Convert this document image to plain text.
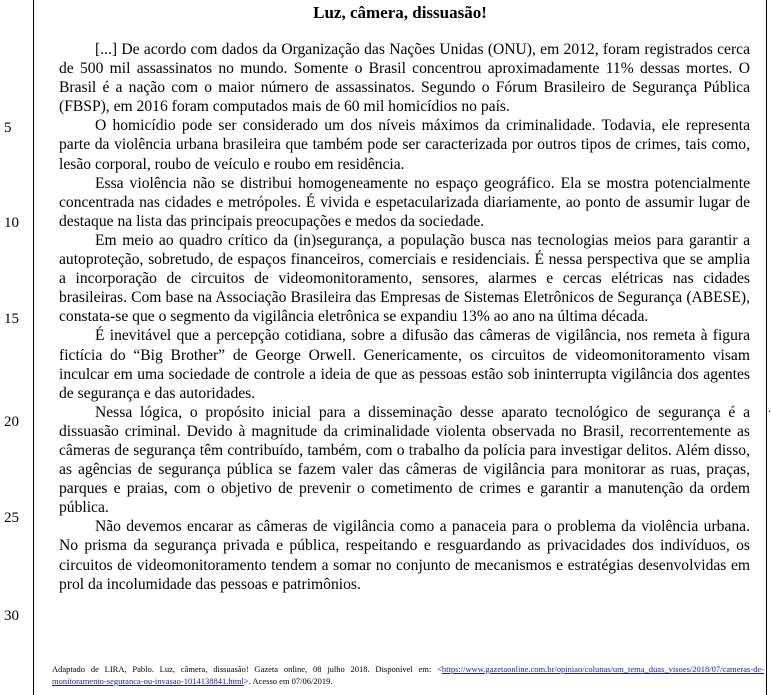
.
Luz, câmera, dissuasão!
5
10
15
20
25
30

[...] De acordo com dados da Organização das Nações Unidas (ONU), em 2012, foram registrados cerca de 500 mil assassinatos no mundo. Somente o Brasil concentrou aproximadamente 11% dessas mortes. O Brasil é a nação com o maior número de assassinatos. Segundo o Fórum Brasileiro de Segurança Pública (FBSP), em 2016 foram computados mais de 60 mil homicídios no país.

O homicídio pode ser considerado um dos níveis máximos da criminalidade. Todavia, ele representa parte da violência urbana brasileira que também pode ser caracterizada por outros tipos de crimes, tais como, lesão corporal, roubo de veículo e roubo em residência.

Essa violência não se distribui homogeneamente no espaço geográfico. Ela se mostra potencialmente concentrada nas cidades e metrópoles. É vivida e espetacularizada diariamente, ao ponto de assumir lugar de destaque na lista das principais preocupações e medos da sociedade.

Em meio ao quadro crítico da (in)segurança, a população busca nas tecnologias meios para garantir a autoproteção, sobretudo, de espaços financeiros, comerciais e residenciais. É nessa perspectiva que se amplia a incorporação de circuitos de videomonitoramento, sensores, alarmes e cercas elétricas nas cidades brasileiras. Com base na Associação Brasileira das Empresas de Sistemas Eletrônicos de Segurança (ABESE), constata-se que o segmento da vigilância eletrônica se expandiu 13% ao ano na última década.

É inevitável que a percepção cotidiana, sobre a difusão das câmeras de vigilância, nos remeta à figura fictícia do “Big Brother” de George Orwell. Genericamente, os circuitos de videomonitoramento visam inculcar em uma sociedade de controle a ideia de que as pessoas estão sob ininterrupta vigilância dos agentes de segurança e das autoridades.

Nessa lógica, o propósito inicial para a disseminação desse aparato tecnológico de segurança é a dissuasão criminal. Devido à magnitude da criminalidade violenta observada no Brasil, recorrentemente as câmeras de segurança têm contribuído, também, com o trabalho da polícia para investigar delitos. Além disso, as agências de segurança pública se fazem valer das câmeras de vigilância para monitorar as ruas, praças, parques e praias, com o objetivo de prevenir o cometimento de crimes e garantir a manutenção da ordem pública.

Não devemos encarar as câmeras de vigilância como a panaceia para o problema da violência urbana. No prisma da segurança privada e pública, respeitando e resguardando as privacidades dos indivíduos, os circuitos de videomonitoramento tendem a somar no conjunto de mecanismos e estratégias desenvolvidas em prol da incolumidade das pessoas e patrimônios.

Adaptado de LIRA, Pablo. Luz, câmera, dissuasão! Gazeta online, 08 julho 2018. Disponível em: <https://www.gazetaonline.com.br/opiniao/colunas/um_tema_duas_visoes/2018/07/cameras-de-monitoramento-seguranca-ou-invasao-1014138841.html>. Acesso em 07/06/2019.
